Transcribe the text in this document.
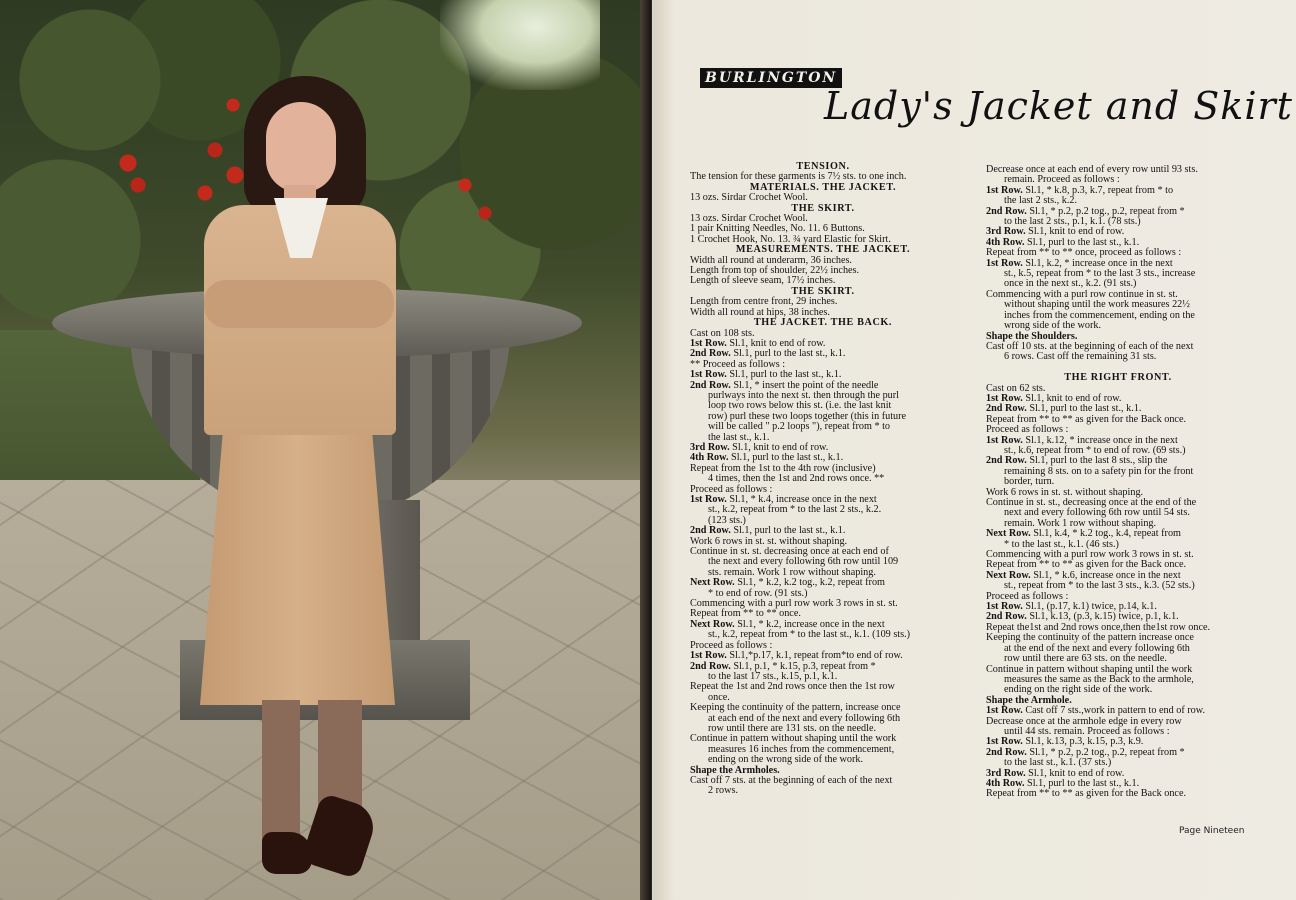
BURLINGTON
Lady's Jacket and Skirt
TENSION.
The tension for these garments is 7½ sts. to one inch.
MATERIALS. THE JACKET.
13 ozs. Sirdar Crochet Wool.
THE SKIRT.
13 ozs. Sirdar Crochet Wool.
1 pair Knitting Needles, No. 11. 6 Buttons.
1 Crochet Hook, No. 13. ¾ yard Elastic for Skirt.
MEASUREMENTS. THE JACKET.
Width all round at underarm, 36 inches.
Length from top of shoulder, 22½ inches.
Length of sleeve seam, 17½ inches.
THE SKIRT.
Length from centre front, 29 inches.
Width all round at hips, 38 inches.
THE JACKET. THE BACK.
Cast on 108 sts.
1st Row. Sl.1, knit to end of row.
2nd Row. Sl.1, purl to the last st., k.1.
** Proceed as follows :
1st Row. Sl.1, purl to the last st., k.1.
2nd Row. Sl.1, * insert the point of the needle
purlways into the next st. then through the purl
loop two rows below this st. (i.e. the last knit
row) purl these two loops together (this in future
will be called " p.2 loops "), repeat from * to
the last st., k.1.
3rd Row. Sl.1, knit to end of row.
4th Row. Sl.1, purl to the last st., k.1.
Repeat from the 1st to the 4th row (inclusive)
4 times, then the 1st and 2nd rows once. **
Proceed as follows :
1st Row. Sl.1, * k.4, increase once in the next
st., k.2, repeat from * to the last 2 sts., k.2.
(123 sts.)
2nd Row. Sl.1, purl to the last st., k.1.
Work 6 rows in st. st. without shaping.
Continue in st. st. decreasing once at each end of
the next and every following 6th row until 109
sts. remain. Work 1 row without shaping.
Next Row. Sl.1, * k.2, k.2 tog., k.2, repeat from
* to end of row. (91 sts.)
Commencing with a purl row work 3 rows in st. st.
Repeat from ** to ** once.
Next Row. Sl.1, * k.2, increase once in the next
st., k.2, repeat from * to the last st., k.1. (109 sts.)
Proceed as follows :
1st Row. Sl.1,*p.17, k.1, repeat from*to end of row.
2nd Row. Sl.1, p.1, * k.15, p.3, repeat from *
to the last 17 sts., k.15, p.1, k.1.
Repeat the 1st and 2nd rows once then the 1st row
once.
Keeping the continuity of the pattern, increase once
at each end of the next and every following 6th
row until there are 131 sts. on the needle.
Continue in pattern without shaping until the work
measures 16 inches from the commencement,
ending on the wrong side of the work.
Shape the Armholes.
Cast off 7 sts. at the beginning of each of the next
2 rows.
Decrease once at each end of every row until 93 sts.
remain. Proceed as follows :
1st Row. Sl.1, * k.8, p.3, k.7, repeat from * to
the last 2 sts., k.2.
2nd Row. Sl.1, * p.2, p.2 tog., p.2, repeat from *
to the last 2 sts., p.1, k.1. (78 sts.)
3rd Row. Sl.1, knit to end of row.
4th Row. Sl.1, purl to the last st., k.1.
Repeat from ** to ** once, proceed as follows :
1st Row. Sl.1, k.2, * increase once in the next
st., k.5, repeat from * to the last 3 sts., increase
once in the next st., k.2. (91 sts.)
Commencing with a purl row continue in st. st.
without shaping until the work measures 22½
inches from the commencement, ending on the
wrong side of the work.
Shape the Shoulders.
Cast off 10 sts. at the beginning of each of the next
6 rows. Cast off the remaining 31 sts.

THE RIGHT FRONT.
Cast on 62 sts.
1st Row. Sl.1, knit to end of row.
2nd Row. Sl.1, purl to the last st., k.1.
Repeat from ** to ** as given for the Back once.
Proceed as follows :
1st Row. Sl.1, k.12, * increase once in the next
st., k.6, repeat from * to end of row. (69 sts.)
2nd Row. Sl.1, purl to the last 8 sts., slip the
remaining 8 sts. on to a safety pin for the front
border, turn.
Work 6 rows in st. st. without shaping.
Continue in st. st., decreasing once at the end of the
next and every following 6th row until 54 sts.
remain. Work 1 row without shaping.
Next Row. Sl.1, k.4, * k.2 tog., k.4, repeat from
* to the last st., k.1. (46 sts.)
Commencing with a purl row work 3 rows in st. st.
Repeat from ** to ** as given for the Back once.
Next Row. Sl.1, * k.6, increase once in the next
st., repeat from * to the last 3 sts., k.3. (52 sts.)
Proceed as follows :
1st Row. Sl.1, (p.17, k.1) twice, p.14, k.1.
2nd Row. Sl.1, k.13, (p.3, k.15) twice, p.1, k.1.
Repeat the1st and 2nd rows once,then the1st row once.
Keeping the continuity of the pattern increase once
at the end of the next and every following 6th
row until there are 63 sts. on the needle.
Continue in pattern without shaping until the work
measures the same as the Back to the armhole,
ending on the right side of the work.
Shape the Armhole.
1st Row. Cast off 7 sts.,work in pattern to end of row.
Decrease once at the armhole edge in every row
until 44 sts. remain. Proceed as follows :
1st Row. Sl.1, k.13, p.3, k.15, p.3, k.9.
2nd Row. Sl.1, * p.2, p.2 tog., p.2, repeat from *
to the last st., k.1. (37 sts.)
3rd Row. Sl.1, knit to end of row.
4th Row. Sl.1, purl to the last st., k.1.
Repeat from ** to ** as given for the Back once.
Page Nineteen
